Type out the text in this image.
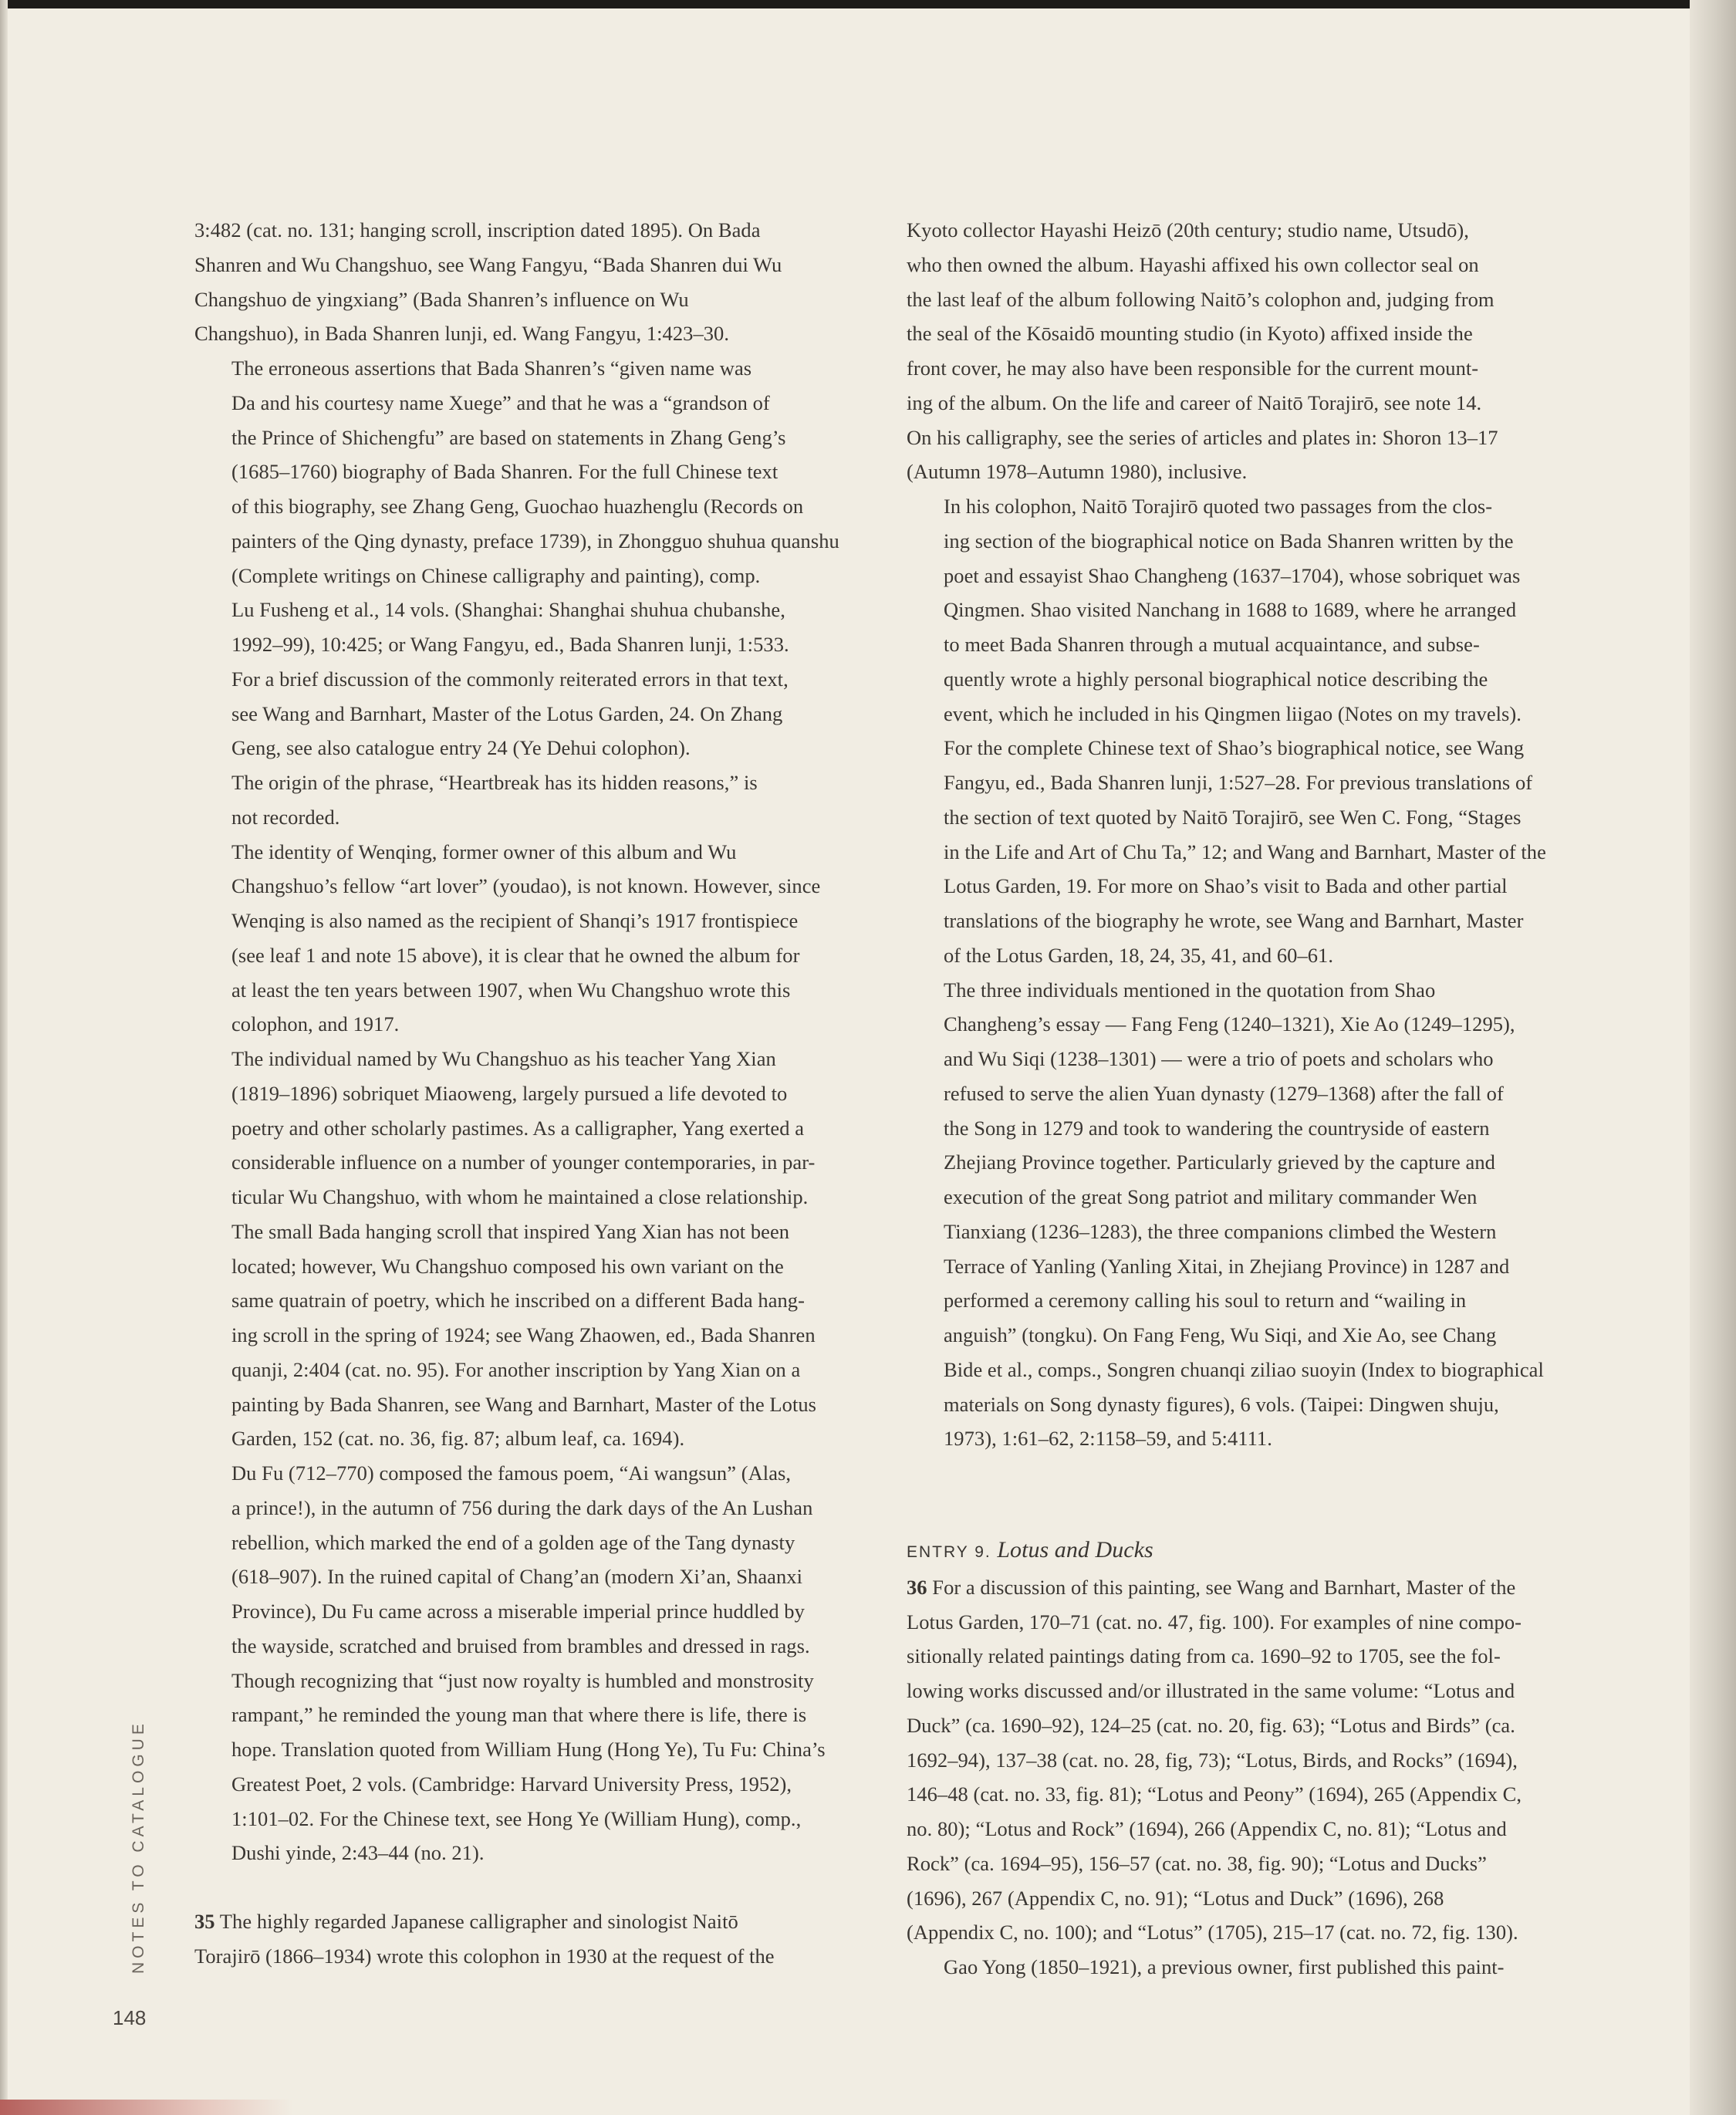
3:482 (cat. no. 131; hanging scroll, inscription dated 1895). On Bada
Shanren and Wu Changshuo, see Wang Fangyu, “Bada Shanren dui Wu
Changshuo de yingxiang” (Bada Shanren’s influence on Wu
Changshuo), in Bada Shanren lunji, ed. Wang Fangyu, 1:423–30.

The erroneous assertions that Bada Shanren’s “given name was
Da and his courtesy name Xuege” and that he was a “grandson of
the Prince of Shichengfu” are based on statements in Zhang Geng’s
(1685–1760) biography of Bada Shanren. For the full Chinese text
of this biography, see Zhang Geng, Guochao huazhenglu (Records on
painters of the Qing dynasty, preface 1739), in Zhongguo shuhua quanshu
(Complete writings on Chinese calligraphy and painting), comp.
Lu Fusheng et al., 14 vols. (Shanghai: Shanghai shuhua chubanshe,
1992–99), 10:425; or Wang Fangyu, ed., Bada Shanren lunji, 1:533.
For a brief discussion of the commonly reiterated errors in that text,
see Wang and Barnhart, Master of the Lotus Garden, 24. On Zhang
Geng, see also catalogue entry 24 (Ye Dehui colophon).

The origin of the phrase, “Heartbreak has its hidden reasons,” is
not recorded.

The identity of Wenqing, former owner of this album and Wu
Changshuo’s fellow “art lover” (youdao), is not known. However, since
Wenqing is also named as the recipient of Shanqi’s 1917 frontispiece
(see leaf 1 and note 15 above), it is clear that he owned the album for
at least the ten years between 1907, when Wu Changshuo wrote this
colophon, and 1917.

The individual named by Wu Changshuo as his teacher Yang Xian
(1819–1896) sobriquet Miaoweng, largely pursued a life devoted to
poetry and other scholarly pastimes. As a calligrapher, Yang exerted a
considerable influence on a number of younger contemporaries, in par-
ticular Wu Changshuo, with whom he maintained a close relationship.
The small Bada hanging scroll that inspired Yang Xian has not been
located; however, Wu Changshuo composed his own variant on the
same quatrain of poetry, which he inscribed on a different Bada hang-
ing scroll in the spring of 1924; see Wang Zhaowen, ed., Bada Shanren
quanji, 2:404 (cat. no. 95). For another inscription by Yang Xian on a
painting by Bada Shanren, see Wang and Barnhart, Master of the Lotus
Garden, 152 (cat. no. 36, fig. 87; album leaf, ca. 1694).

Du Fu (712–770) composed the famous poem, “Ai wangsun” (Alas,
a prince!), in the autumn of 756 during the dark days of the An Lushan
rebellion, which marked the end of a golden age of the Tang dynasty
(618–907). In the ruined capital of Chang’an (modern Xi’an, Shaanxi
Province), Du Fu came across a miserable imperial prince huddled by
the wayside, scratched and bruised from brambles and dressed in rags.
Though recognizing that “just now royalty is humbled and monstrosity
rampant,” he reminded the young man that where there is life, there is
hope. Translation quoted from William Hung (Hong Ye), Tu Fu: China’s
Greatest Poet, 2 vols. (Cambridge: Harvard University Press, 1952),
1:101–02. For the Chinese text, see Hong Ye (William Hung), comp.,
Dushi yinde, 2:43–44 (no. 21).

35 The highly regarded Japanese calligrapher and sinologist Naitō
Torajirō (1866–1934) wrote this colophon in 1930 at the request of the

Kyoto collector Hayashi Heizō (20th century; studio name, Utsudō),
who then owned the album. Hayashi affixed his own collector seal on
the last leaf of the album following Naitō’s colophon and, judging from
the seal of the Kōsaidō mounting studio (in Kyoto) affixed inside the
front cover, he may also have been responsible for the current mount-
ing of the album. On the life and career of Naitō Torajirō, see note 14.
On his calligraphy, see the series of articles and plates in: Shoron 13–17
(Autumn 1978–Autumn 1980), inclusive.

In his colophon, Naitō Torajirō quoted two passages from the clos-
ing section of the biographical notice on Bada Shanren written by the
poet and essayist Shao Changheng (1637–1704), whose sobriquet was
Qingmen. Shao visited Nanchang in 1688 to 1689, where he arranged
to meet Bada Shanren through a mutual acquaintance, and subse-
quently wrote a highly personal biographical notice describing the
event, which he included in his Qingmen liigao (Notes on my travels).
For the complete Chinese text of Shao’s biographical notice, see Wang
Fangyu, ed., Bada Shanren lunji, 1:527–28. For previous translations of
the section of text quoted by Naitō Torajirō, see Wen C. Fong, “Stages
in the Life and Art of Chu Ta,” 12; and Wang and Barnhart, Master of the
Lotus Garden, 19. For more on Shao’s visit to Bada and other partial
translations of the biography he wrote, see Wang and Barnhart, Master
of the Lotus Garden, 18, 24, 35, 41, and 60–61.

The three individuals mentioned in the quotation from Shao
Changheng’s essay — Fang Feng (1240–1321), Xie Ao (1249–1295),
and Wu Siqi (1238–1301) — were a trio of poets and scholars who
refused to serve the alien Yuan dynasty (1279–1368) after the fall of
the Song in 1279 and took to wandering the countryside of eastern
Zhejiang Province together. Particularly grieved by the capture and
execution of the great Song patriot and military commander Wen
Tianxiang (1236–1283), the three companions climbed the Western
Terrace of Yanling (Yanling Xitai, in Zhejiang Province) in 1287 and
performed a ceremony calling his soul to return and “wailing in
anguish” (tongku). On Fang Feng, Wu Siqi, and Xie Ao, see Chang
Bide et al., comps., Songren chuanqi ziliao suoyin (Index to biographical
materials on Song dynasty figures), 6 vols. (Taipei: Dingwen shuju,
1973), 1:61–62, 2:1158–59, and 5:4111.

ENTRY 9. Lotus and Ducks

36 For a discussion of this painting, see Wang and Barnhart, Master of the
Lotus Garden, 170–71 (cat. no. 47, fig. 100). For examples of nine compo-
sitionally related paintings dating from ca. 1690–92 to 1705, see the fol-
lowing works discussed and/or illustrated in the same volume: “Lotus and
Duck” (ca. 1690–92), 124–25 (cat. no. 20, fig. 63); “Lotus and Birds” (ca.
1692–94), 137–38 (cat. no. 28, fig, 73); “Lotus, Birds, and Rocks” (1694),
146–48 (cat. no. 33, fig. 81); “Lotus and Peony” (1694), 265 (Appendix C,
no. 80); “Lotus and Rock” (1694), 266 (Appendix C, no. 81); “Lotus and
Rock” (ca. 1694–95), 156–57 (cat. no. 38, fig. 90); “Lotus and Ducks”
(1696), 267 (Appendix C, no. 91); “Lotus and Duck” (1696), 268
(Appendix C, no. 100); and “Lotus” (1705), 215–17 (cat. no. 72, fig. 130).

Gao Yong (1850–1921), a previous owner, first published this paint-

NOTES TO CATALOGUE
148
